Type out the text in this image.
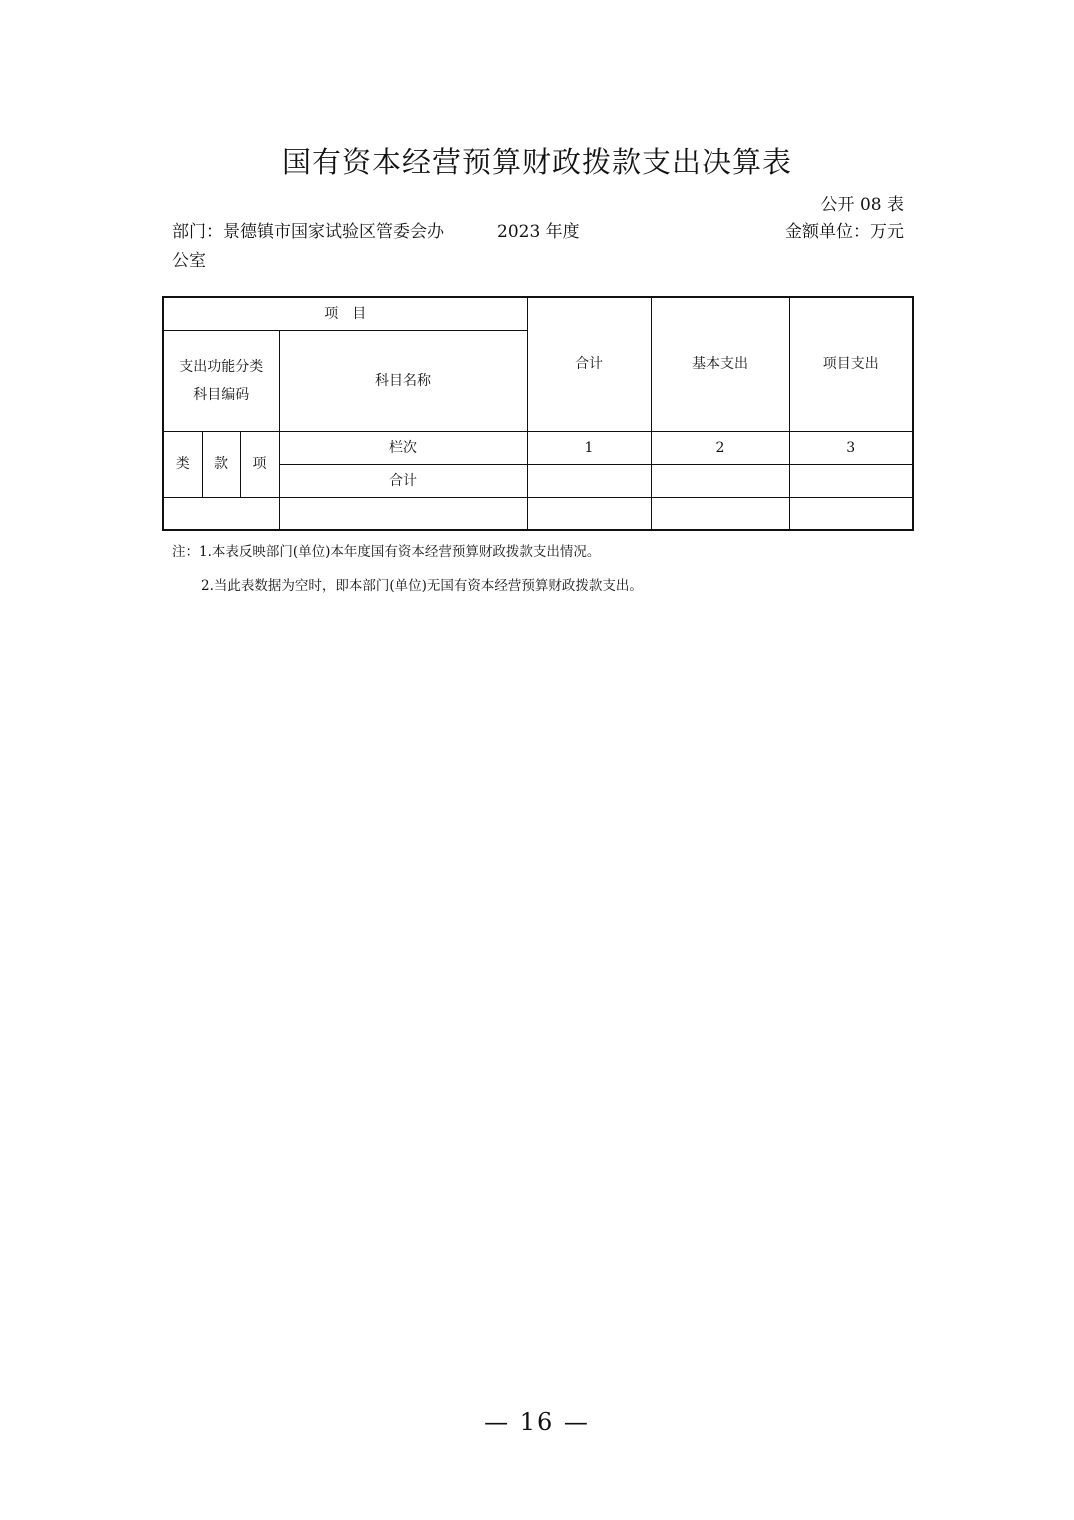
国有资本经营预算财政拨款支出决算表
公开 08 表
部门：景德镇市国家试验区管委会办公室
2023 年度	金额单位：万元
项　目				合计	基本支出	项目支出

支出功能分类科目编码			科目名称			
类	款	项	栏次	1	2	3
			合计			

注：1.本表反映部门(单位)本年度国有资本经营预算财政拨款支出情况。
2.当此表数据为空时，即本部门(单位)无国有资本经营预算财政拨款支出。
— 16 —
